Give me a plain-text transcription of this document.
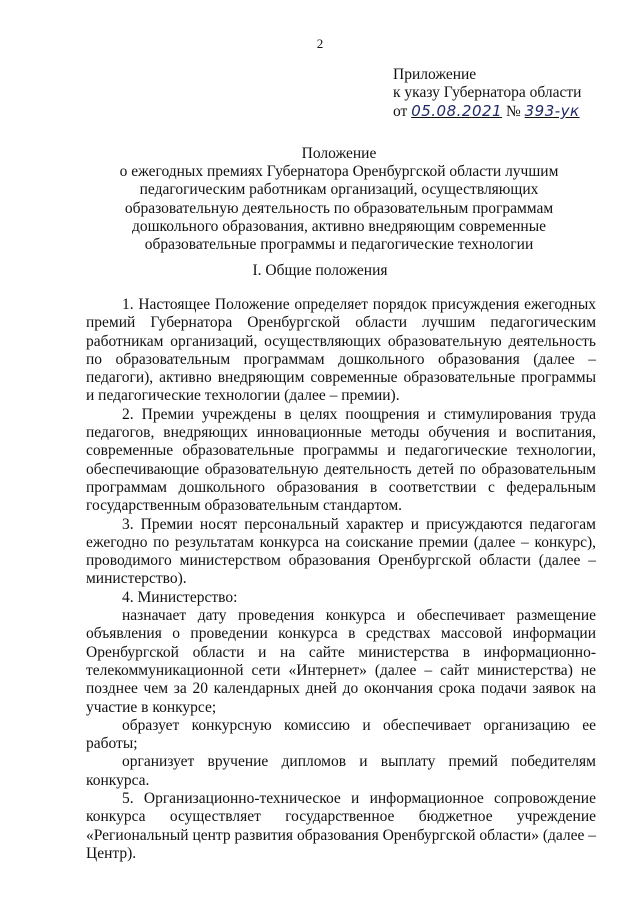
2
Приложение
к указу Губернатора области
от 05.08.2021 № 393-ук
Положение
о ежегодных премиях Губернатора Оренбургской области лучшим педагогическим работникам организаций, осуществляющих образовательную деятельность по образовательным программам дошкольного образования, активно внедряющим современные образовательные программы и педагогические технологии
I. Общие положения

1. Настоящее Положение определяет порядок присуждения ежегодных премий Губернатора Оренбургской области лучшим педагогическим работникам организаций, осуществляющих образовательную деятельность по образовательным программам дошкольного образования (далее – педагоги), активно внедряющим современные образовательные программы и педагогические технологии (далее – премии).

2. Премии учреждены в целях поощрения и стимулирования труда педагогов, внедряющих инновационные методы обучения и воспитания, современные образовательные программы и педагогические технологии, обеспечивающие образовательную деятельность детей по образовательным программам дошкольного образования в соответствии с федеральным государственным образовательным стандартом.

3. Премии носят персональный характер и присуждаются педагогам ежегодно по результатам конкурса на соискание премии (далее – конкурс), проводимого министерством образования Оренбургской области (далее – министерство).

4. Министерство:

назначает дату проведения конкурса и обеспечивает размещение объявления о проведении конкурса в средствах массовой информации Оренбургской области и на сайте министерства в информационно-телекоммуникационной сети «Интернет» (далее – сайт министерства) не позднее чем за 20 календарных дней до окончания срока подачи заявок на участие в конкурсе;

образует конкурсную комиссию и обеспечивает организацию ее работы;

организует вручение дипломов и выплату премий победителям конкурса.

5. Организационно-техническое и информационное сопровождение конкурса осуществляет государственное бюджетное учреждение «Региональный центр развития образования Оренбургской области» (далее – Центр).
